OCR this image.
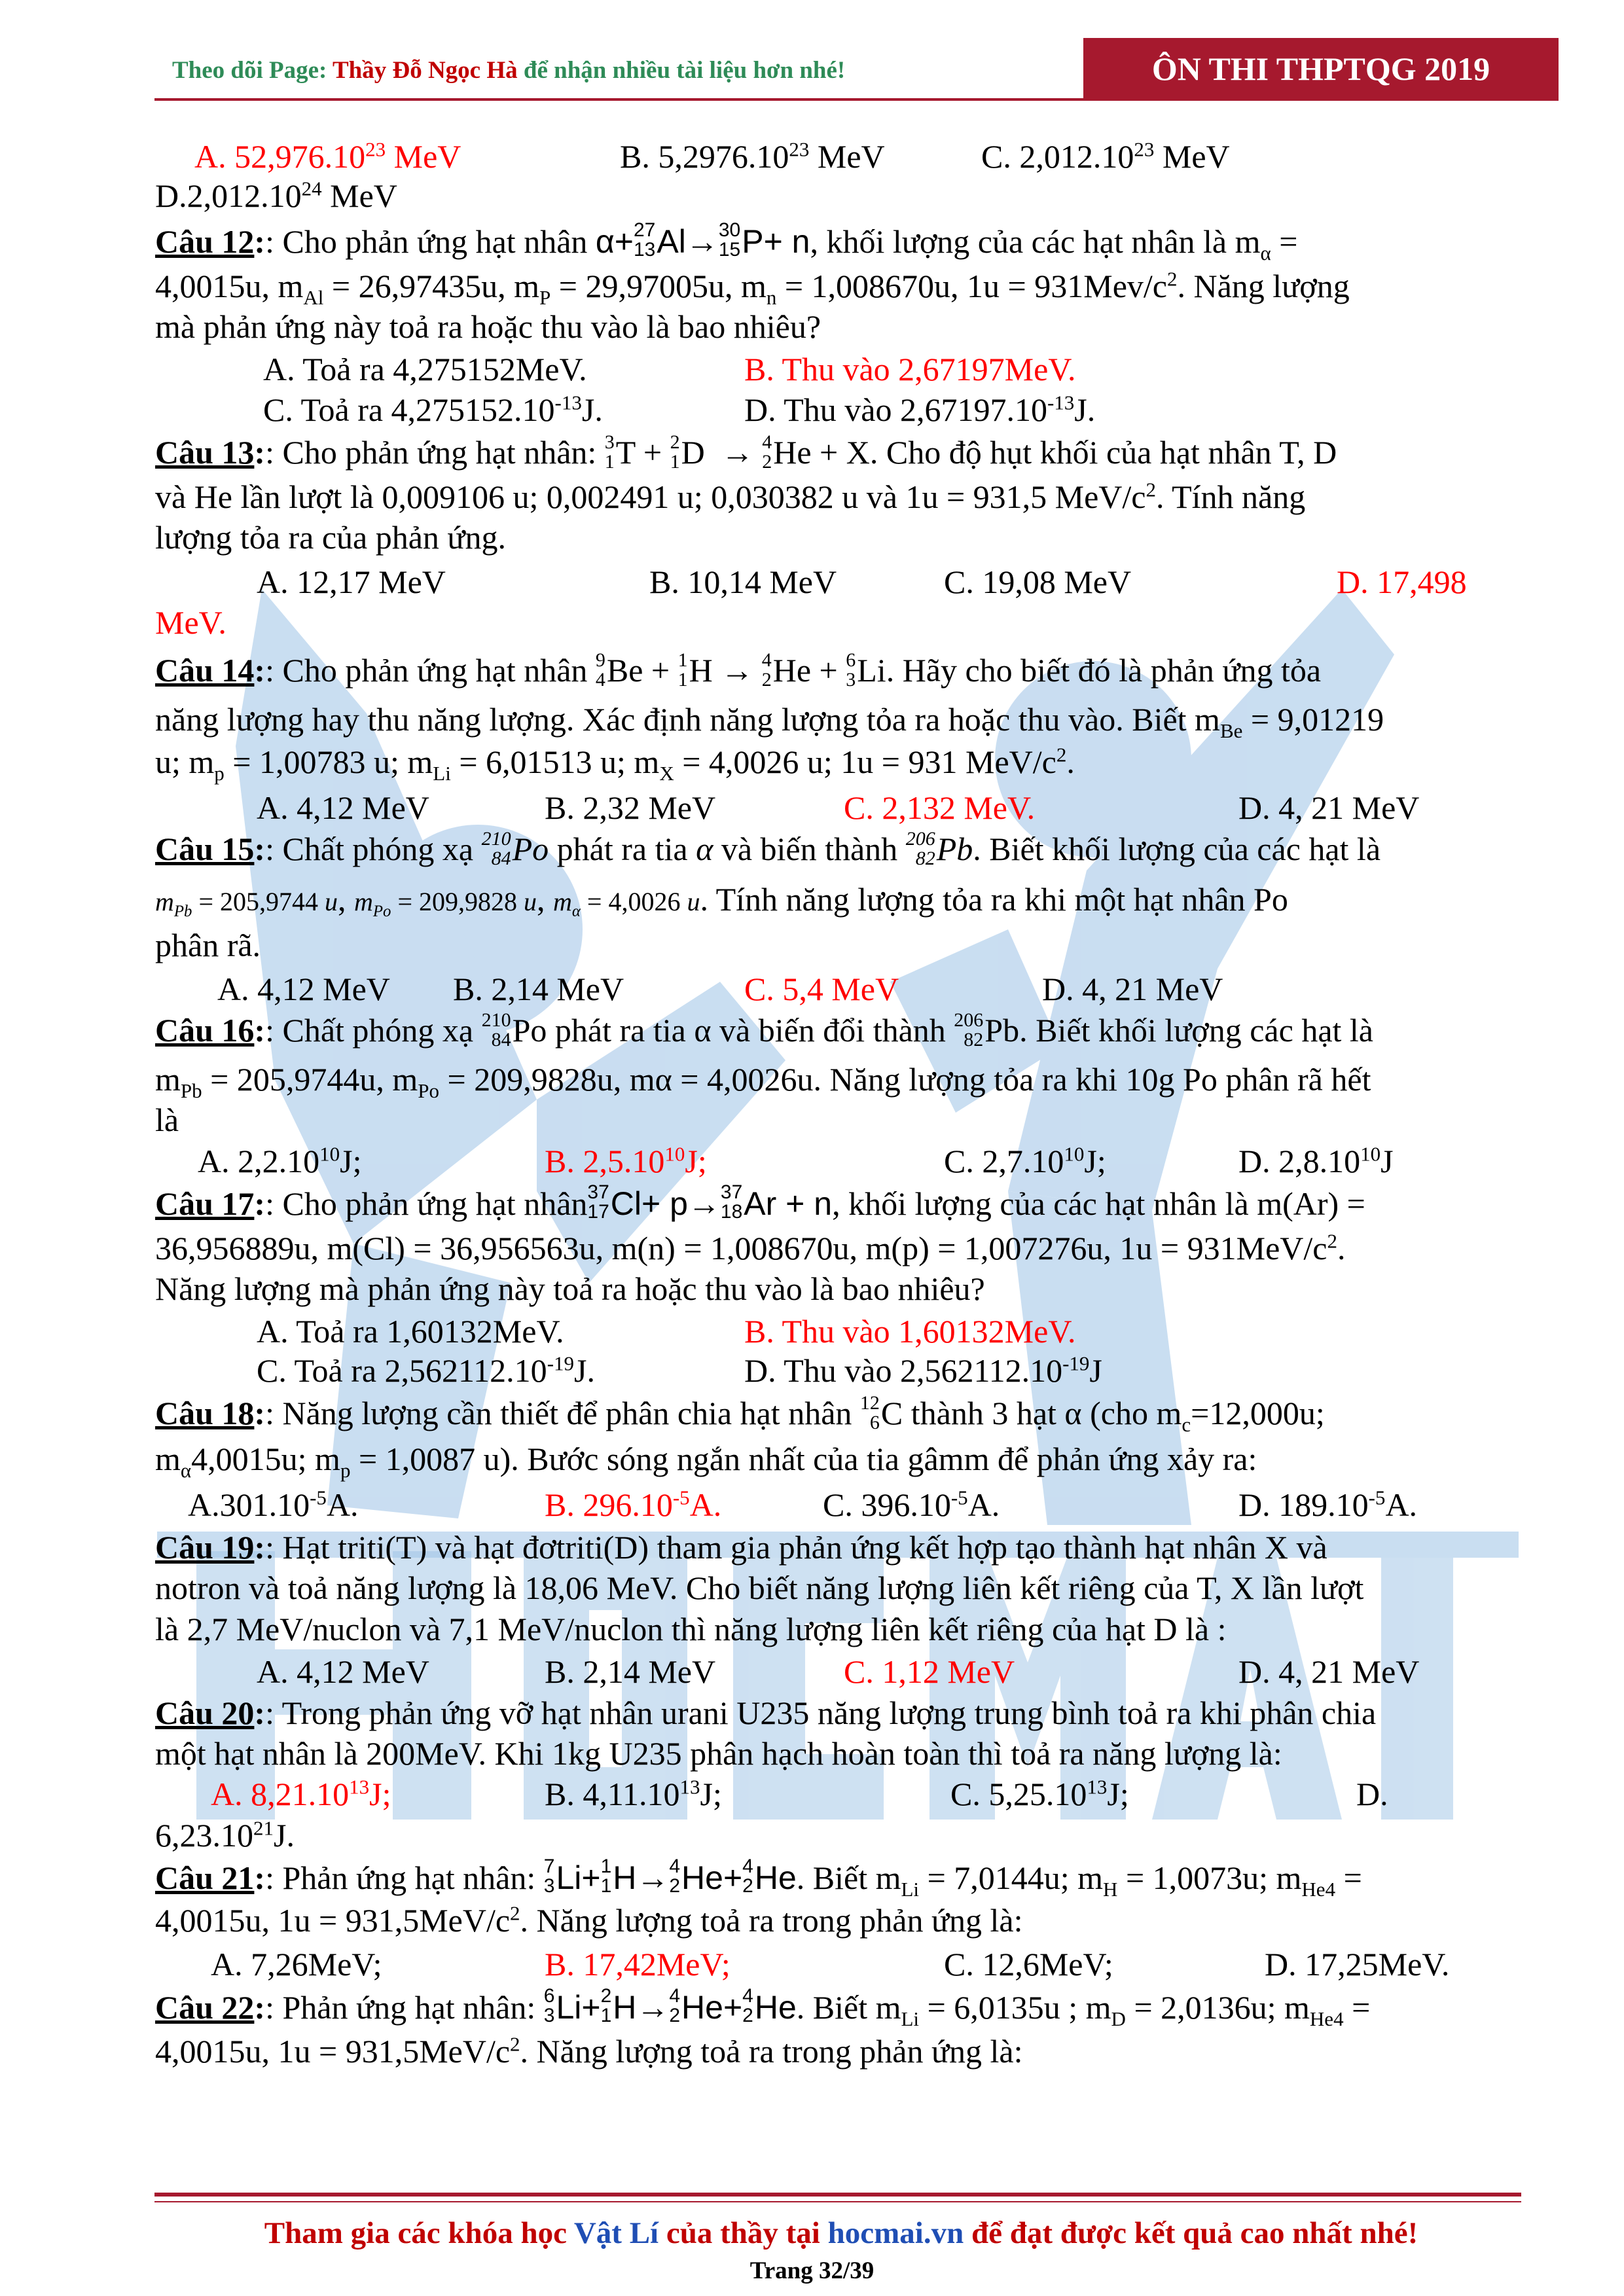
Theo dõi Page: Thầy Đỗ Ngọc Hà để nhận nhiều tài liệu hơn nhé!	ÔN THI THPTQG 2019
A. 52,976.10$^{23}$ MeV	B. 5,2976.10$^{23}$ MeV	C. 2,012.10$^{23}$ MeV
D.2,012.10$^{24}$ MeV
Câu 12:: Cho phản ứng hạt nhân α+ 27
13 Al→ 30
15 P+ n, khối lượng của các hạt nhân là $m_\alpha$ =
4,0015u, $m_{Al} = 26,97435u$, $m_P = 29,97005u$, $m_n = 1,008670u$, $1u = 931Mev/c^2$. Năng lượng
mà phản ứng này toả ra hoặc thu vào là bao nhiêu?
A. Toả ra 4,275152MeV.	B. Thu vào 2,67197MeV.
C. Toả ra $4,275152.10^{-13}J$.	D. Thu vào $2,67197.10^{-13}J$.
Câu 13:: Cho phản ứng hạt nhân: 3
1 T + 2
1 D  → 4
2 He + X. Cho độ hụt khối của hạt nhân T, D
và He lần lượt là 0,009106 u; 0,002491 u; 0,030382 u và 1u = 931,5 MeV/$c^2$. Tính năng
lượng tỏa ra của phản ứng.
A. 12,17 MeV	B. 10,14 MeV	C. 19,08 MeV	D. 17,498
MeV.
Câu 14:: Cho phản ứng hạt nhân 9
4 Be + 1
1 H → 4
2 He + 6
3 Li. Hãy cho biết đó là phản ứng tỏa
năng lượng hay thu năng lượng. Xác định năng lượng tỏa ra hoặc thu vào. Biết $m_{Be} = 9,01219$
u; $m_p = 1,00783$ u; $m_{Li} = 6,01513$ u; $m_X = 4,0026$ u; 1u = 931 MeV/$c^2$.
A. 4,12 MeV	B. 2,32 MeV	C. 2,132 MeV.	D. 4, 21 MeV
Câu 15:: Chất phóng xạ 210
84 Po phát ra tia α và biến thành 206
82 Pb. Biết khối lượng của các hạt là
$m_{Pb} = 205,9744$ u, $m_{Po} = 209,9828$ u, $m_\alpha = 4,0026$ u. Tính năng lượng tỏa ra khi một hạt nhân Po
phân rã.
A. 4,12 MeV B. 2,14 MeV	C. 5,4 MeV	D. 4, 21 MeV
Câu 16:: Chất phóng xạ 210
84 Po phát ra tia α và biến đổi thành 206
82 Pb. Biết khối lượng các hạt là
$m_{Pb} = 205,9744u$, $m_{Po} = 209,9828u$, mα = 4,0026u. Năng lượng tỏa ra khi 10g Po phân rã hết
là
A. 2,2.10$^{10}$J;	B. 2,5.10$^{10}$J;	C. 2,7.10$^{10}$J;	D. 2,8.10$^{10}$J
Câu 17:: Cho phản ứng hạt nhân 37
17 Cl+ p→ 37
18 Ar + n, khối lượng của các hạt nhân là m(Ar) =
36,956889u, m(Cl) = 36,956563u, m(n) = 1,008670u, m(p) = 1,007276u, $1u = 931MeV/c^2$.
Năng lượng mà phản ứng này toả ra hoặc thu vào là bao nhiêu?
A. Toả ra 1,60132MeV.	B. Thu vào 1,60132MeV.
C. Toả ra $2,562112.10^{-19}J$.	D. Thu vào $2,562112.10^{-19}J$
Câu 18:: Năng lượng cần thiết để phân chia hạt nhân 12
6 C thành 3 hạt α (cho $m_c=12,000u$;
$m_\alpha 4,0015u$; $m_p = 1,0087$ u). Bước sóng ngắn nhất của tia gâmm để phản ứng xảy ra:
$A.301.10^{-5}A$.	B. $296.10^{-5}A$.	C. $396.10^{-5}A$.	D. $189.10^{-5}A$.
Câu 19:: Hạt triti(T) và hạt đơtriti(D) tham gia phản ứng kết hợp tạo thành hạt nhân X và
notron và toả năng lượng là 18,06 MeV. Cho biết năng lượng liên kết riêng của T, X lần lượt
là 2,7 MeV/nuclon và 7,1 MeV/nuclon thì năng lượng liên kết riêng của hạt D là :
A. 4,12 MeV	B. 2,14 MeV	C. 1,12 MeV	D. 4, 21 MeV
Câu 20:: Trong phản ứng vỡ hạt nhân urani U235 năng lượng trung bình toả ra khi phân chia
một hạt nhân là 200MeV. Khi 1kg U235 phân hạch hoàn toàn thì toả ra năng lượng là:
A. 8,21.10$^{13}$J;	B. 4,11.10$^{13}$J;	C. 5,25.10$^{13}$J;	D.
6,23.10$^{21}$J.
Câu 21:: Phản ứng hạt nhân: 7
3 Li+ 1
1 H→ 4
2 He+ 4
2 He. Biết $m_{Li} = 7,0144u$; $m_H = 1,0073u$; $m_{He4}$ =
4,0015u, $1u = 931,5MeV/c^2$. Năng lượng toả ra trong phản ứng là:
A. 7,26MeV;	B. 17,42MeV;	C. 12,6MeV;	D. 17,25MeV.
Câu 22:: Phản ứng hạt nhân: 6
3 Li+ 2
1 H→ 4
2 He+ 4
2 He. Biết $m_{Li} = 6,0135u$ ; $m_D = 2,0136u$; $m_{He4}$ =
4,0015u, $1u = 931,5MeV/c^2$. Năng lượng toả ra trong phản ứng là:
Tham gia các khóa học Vật Lí của thầy tại hocmai.vn để đạt được kết quả cao nhất nhé!
Trang 32/39
